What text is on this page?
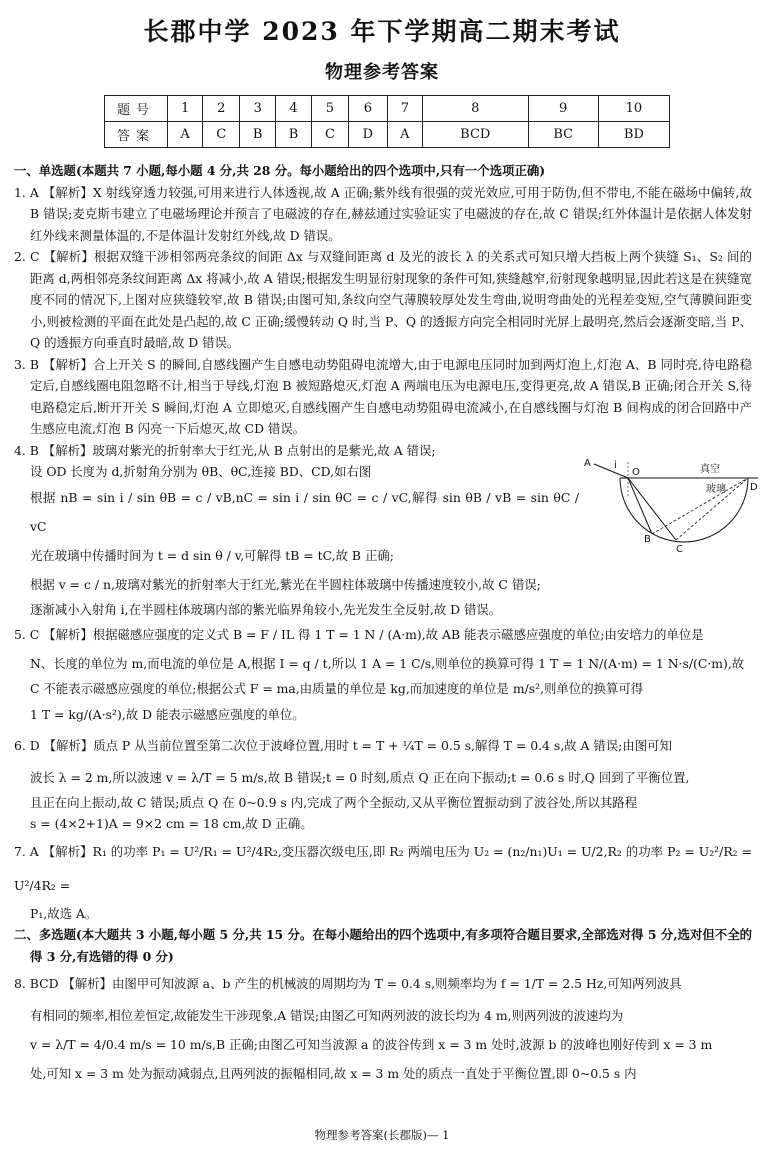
长郡中学 2023 年下学期高二期末考试
物理参考答案
题号	1	2	3	4	5	6	7	8	9	10
答案	A	C	B	B	C	D	A	BCD	BC	BD

一、单选题(本题共 7 小题,每小题 4 分,共 28 分。每小题给出的四个选项中,只有一个选项正确)

1. A 【解析】X 射线穿透力较强,可用来进行人体透视,故 A 正确;紫外线有很强的荧光效应,可用于防伪,但不带电,不能在磁场中偏转,故 B 错误;麦克斯韦建立了电磁场理论并预言了电磁波的存在,赫兹通过实验证实了电磁波的存在,故 C 错误;红外体温计是依据人体发射红外线来测量体温的,不是体温计发射红外线,故 D 错误。

2. C 【解析】根据双缝干涉相邻两亮条纹的间距 Δx 与双缝间距离 d 及光的波长 λ 的关系式可知只增大挡板上两个狭缝 S₁、S₂ 间的距离 d,两相邻亮条纹间距离 Δx 将减小,故 A 错误;根据发生明显衍射现象的条件可知,狭缝越窄,衍射现象越明显,因此若这是在狭缝宽度不同的情况下,上图对应狭缝较窄,故 B 错误;由图可知,条纹向空气薄膜较厚处发生弯曲,说明弯曲处的光程差变短,空气薄膜间距变小,则被检测的平面在此处是凸起的,故 C 正确;缓慢转动 Q 时,当 P、Q 的透振方向完全相同时光屏上最明亮,然后会逐渐变暗,当 P、Q 的透振方向垂直时最暗,故 D 错误。

3. B 【解析】合上开关 S 的瞬间,自感线圈产生自感电动势阻碍电流增大,由于电源电压同时加到两灯泡上,灯泡 A、B 同时亮,待电路稳定后,自感线圈电阻忽略不计,相当于导线,灯泡 B 被短路熄灭,灯泡 A 两端电压为电源电压,变得更亮,故 A 错误,B 正确;闭合开关 S,待电路稳定后,断开开关 S 瞬间,灯泡 A 立即熄灭,自感线圈产生自感电动势阻碍电流减小,在自感线圈与灯泡 B 间构成的闭合回路中产生感应电流,灯泡 B 闪亮一下后熄灭,故 CD 错误。

4. B 【解析】玻璃对紫光的折射率大于红光,从 B 点射出的是紫光,故 A 错误;

设 OD 长度为 d,折射角分别为 θB、θC,连接 BD、CD,如右图

根据 nB = sin i / sin θB = c / vB,nC = sin i / sin θC = c / vC,解得 sin θB / vB = sin θC / vC

光在玻璃中传播时间为 t = d sin θ / v,可解得 tB = tC,故 B 正确;

根据 v = c / n,玻璃对紫光的折射率大于红光,紫光在半圆柱体玻璃中传播速度较小,故 C 错误;

逐渐减小入射角 i,在半圆柱体玻璃内部的紫光临界角较小,先光发生全反射,故 D 错误。

5. C 【解析】根据磁感应强度的定义式 B = F / IL 得 1 T = 1 N / (A·m),故 AB 能表示磁感应强度的单位;由安培力的单位是

N、长度的单位为 m,而电流的单位是 A,根据 I = q / t,所以 1 A = 1 C/s,则单位的换算可得 1 T = 1 N/(A·m) = 1 N·s/(C·m),故

C 不能表示磁感应强度的单位;根据公式 F = ma,由质量的单位是 kg,而加速度的单位是 m/s²,则单位的换算可得

1 T = kg/(A·s²),故 D 能表示磁感应强度的单位。

6. D 【解析】质点 P 从当前位置至第二次位于波峰位置,用时 t = T + ¼T = 0.5 s,解得 T = 0.4 s,故 A 错误;由图可知

波长 λ = 2 m,所以波速 v = λ/T = 5 m/s,故 B 错误;t = 0 时刻,质点 Q 正在向下振动;t = 0.6 s 时,Q 回到了平衡位置,

且正在向上振动,故 C 错误;质点 Q 在 0~0.9 s 内,完成了两个全振动,又从平衡位置振动到了波谷处,所以其路程

s = (4×2+1)A = 9×2 cm = 18 cm,故 D 正确。

7. A 【解析】R₁ 的功率 P₁ = U²/R₁ = U²/4R₂,变压器次级电压,即 R₂ 两端电压为 U₂ = (n₂/n₁)U₁ = U/2,R₂ 的功率 P₂ = U₂²/R₂ = U²/4R₂ =

P₁,故选 A。

二、多选题(本大题共 3 小题,每小题 5 分,共 15 分。在每小题给出的四个选项中,有多项符合题目要求,全部选对得 5 分,选对但不全的得 3 分,有选错的得 0 分)

8. BCD 【解析】由图甲可知波源 a、b 产生的机械波的周期均为 T = 0.4 s,则频率均为 f = 1/T = 2.5 Hz,可知两列波具

有相同的频率,相位差恒定,故能发生干涉现象,A 错误;由图乙可知两列波的波长均为 4 m,则两列波的波速均为

v = λ/T = 4/0.4 m/s = 10 m/s,B 正确;由图乙可知当波源 a 的波谷传到 x = 3 m 处时,波源 b 的波峰也刚好传到 x = 3 m

处,可知 x = 3 m 处为振动减弱点,且两列波的振幅相同,故 x = 3 m 处的质点一直处于平衡位置,即 0~0.5 s 内

A i
O	真空
玻璃
B
C
D
物理参考答案(长郡版)— 1
